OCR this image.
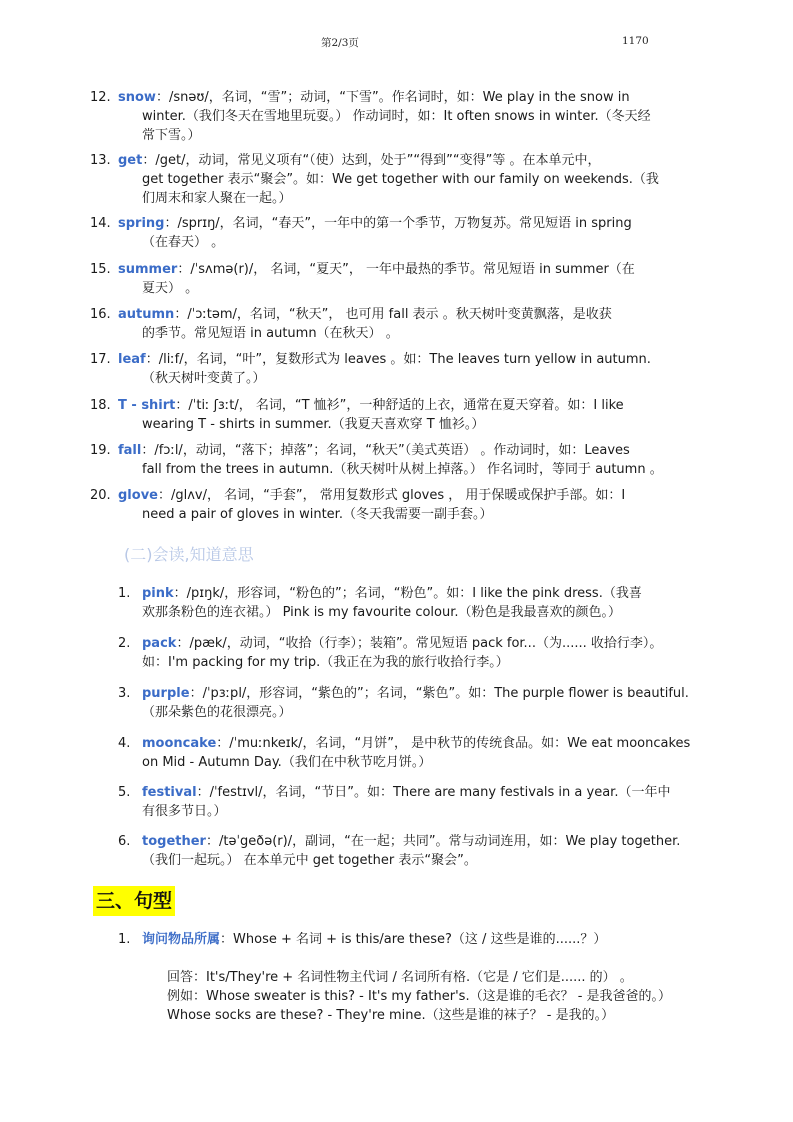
第2/3页	1170
12. snow：/snəʊ/，名词，“雪”；动词，“下雪”。作名词时，如：We play in the snow in
winter.（我们冬天在雪地里玩耍。） 作动词时，如：It often snows in winter.（冬天经
常下雪。）
13. get：/get/，动词，常见义项有“（使）达到，处于”“得到”“变得”等 。在本单元中，
get together 表示“聚会”。如：We get together with our family on weekends.（我
们周末和家人聚在一起。）
14. spring：/sprɪŋ/，名词，“春天”，一年中的第一个季节，万物复苏。常见短语 in spring
（在春天） 。
15. summer：/ˈsʌmə(r)/， 名词，“夏天”， 一年中最热的季节。常见短语 in summer（在
夏天） 。
16. autumn：/ˈɔːtəm/，名词，“秋天”， 也可用 fall 表示 。秋天树叶变黄飘落，是收获
的季节。常见短语 in autumn（在秋天） 。
17. leaf：/liːf/，名词，“叶”，复数形式为 leaves 。如：The leaves turn yellow in autumn.
（秋天树叶变黄了。）
18. T - shirt：/ˈtiː ʃɜːt/， 名词，“T 恤衫”，一种舒适的上衣，通常在夏天穿着。如：I like
wearing T - shirts in summer.（我夏天喜欢穿 T 恤衫。）
19. fall：/fɔːl/，动词，“落下；掉落”；名词，“秋天”（美式英语） 。作动词时，如：Leaves
fall from the trees in autumn.（秋天树叶从树上掉落。） 作名词时，等同于 autumn 。
20. glove：/glʌv/， 名词，“手套”， 常用复数形式 gloves ， 用于保暖或保护手部。如：I
need a pair of gloves in winter.（冬天我需要一副手套。）
(二)会读,知道意思
1. pink：/pɪŋk/，形容词，“粉色的”；名词，“粉色”。如：I like the pink dress.（我喜
欢那条粉色的连衣裙。） Pink is my favourite colour.（粉色是我最喜欢的颜色。）
2. pack：/pæk/，动词，“收拾（行李）；装箱”。常见短语 pack for...（为...... 收拾行李）。
如：I'm packing for my trip.（我正在为我的旅行收拾行李。）
3. purple：/ˈpɜːpl/，形容词，“紫色的”；名词，“紫色”。如：The purple flower is beautiful.
（那朵紫色的花很漂亮。）
4. mooncake：/ˈmuːnkeɪk/，名词，“月饼”， 是中秋节的传统食品。如：We eat mooncakes
on Mid - Autumn Day.（我们在中秋节吃月饼。）
5. festival：/ˈfestɪvl/，名词，“节日”。如：There are many festivals in a year.（一年中
有很多节日。）
6. together：/təˈgeðə(r)/，副词，“在一起；共同”。常与动词连用，如：We play together.
（我们一起玩。） 在本单元中 get together 表示“聚会”。
三、句型
1. 询问物品所属：Whose + 名词 + is this/are these?（这 / 这些是谁的......？）
回答：It's/They're + 名词性物主代词 / 名词所有格.（它是 / 它们是...... 的） 。
例如：Whose sweater is this? - It's my father's.（这是谁的毛衣？ - 是我爸爸的。）
Whose socks are these? - They're mine.（这些是谁的袜子？ - 是我的。）
